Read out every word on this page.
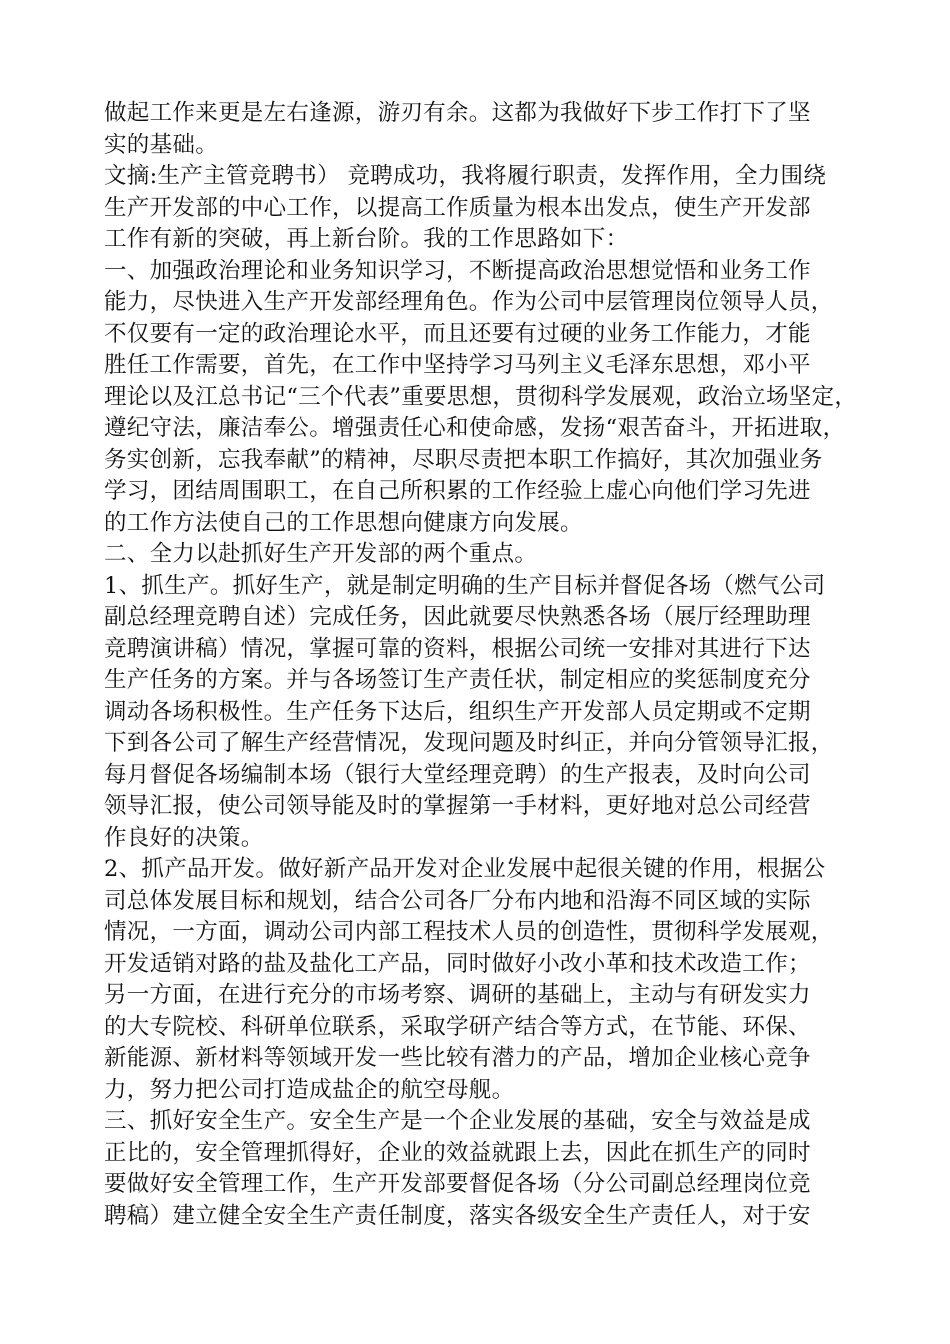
做起工作来更是左右逢源，游刃有余。这都为我做好下步工作打下了坚
实的基础。
文摘:生产主管竞聘书） 竞聘成功，我将履行职责，发挥作用，全力围绕
生产开发部的中心工作，以提高工作质量为根本出发点，使生产开发部
工作有新的突破，再上新台阶。我的工作思路如下：
一、加强政治理论和业务知识学习，不断提高政治思想觉悟和业务工作
能力，尽快进入生产开发部经理角色。作为公司中层管理岗位领导人员，
不仅要有一定的政治理论水平，而且还要有过硬的业务工作能力，才能
胜任工作需要，首先，在工作中坚持学习马列主义毛泽东思想，邓小平
理论以及江总书记“三个代表”重要思想，贯彻科学发展观，政治立场坚定，
遵纪守法，廉洁奉公。增强责任心和使命感，发扬“艰苦奋斗，开拓进取，
务实创新，忘我奉献”的精神，尽职尽责把本职工作搞好，其次加强业务
学习，团结周围职工，在自己所积累的工作经验上虚心向他们学习先进
的工作方法使自己的工作思想向健康方向发展。
二、全力以赴抓好生产开发部的两个重点。
1、抓生产。抓好生产，就是制定明确的生产目标并督促各场（燃气公司
副总经理竞聘自述）完成任务，因此就要尽快熟悉各场（展厅经理助理
竞聘演讲稿）情况，掌握可靠的资料，根据公司统一安排对其进行下达
生产任务的方案。并与各场签订生产责任状，制定相应的奖惩制度充分
调动各场积极性。生产任务下达后，组织生产开发部人员定期或不定期
下到各公司了解生产经营情况，发现问题及时纠正，并向分管领导汇报，
每月督促各场编制本场（银行大堂经理竞聘）的生产报表，及时向公司
领导汇报，使公司领导能及时的掌握第一手材料，更好地对总公司经营
作良好的决策。
2、抓产品开发。做好新产品开发对企业发展中起很关键的作用，根据公
司总体发展目标和规划，结合公司各厂分布内地和沿海不同区域的实际
情况，一方面，调动公司内部工程技术人员的创造性，贯彻科学发展观，
开发适销对路的盐及盐化工产品，同时做好小改小革和技术改造工作；
另一方面，在进行充分的市场考察、调研的基础上，主动与有研发实力
的大专院校、科研单位联系，采取学研产结合等方式，在节能、环保、
新能源、新材料等领域开发一些比较有潜力的产品，增加企业核心竞争
力，努力把公司打造成盐企的航空母舰。
三、抓好安全生产。安全生产是一个企业发展的基础，安全与效益是成
正比的，安全管理抓得好，企业的效益就跟上去，因此在抓生产的同时
要做好安全管理工作，生产开发部要督促各场（分公司副总经理岗位竞
聘稿）建立健全安全生产责任制度，落实各级安全生产责任人，对于安
